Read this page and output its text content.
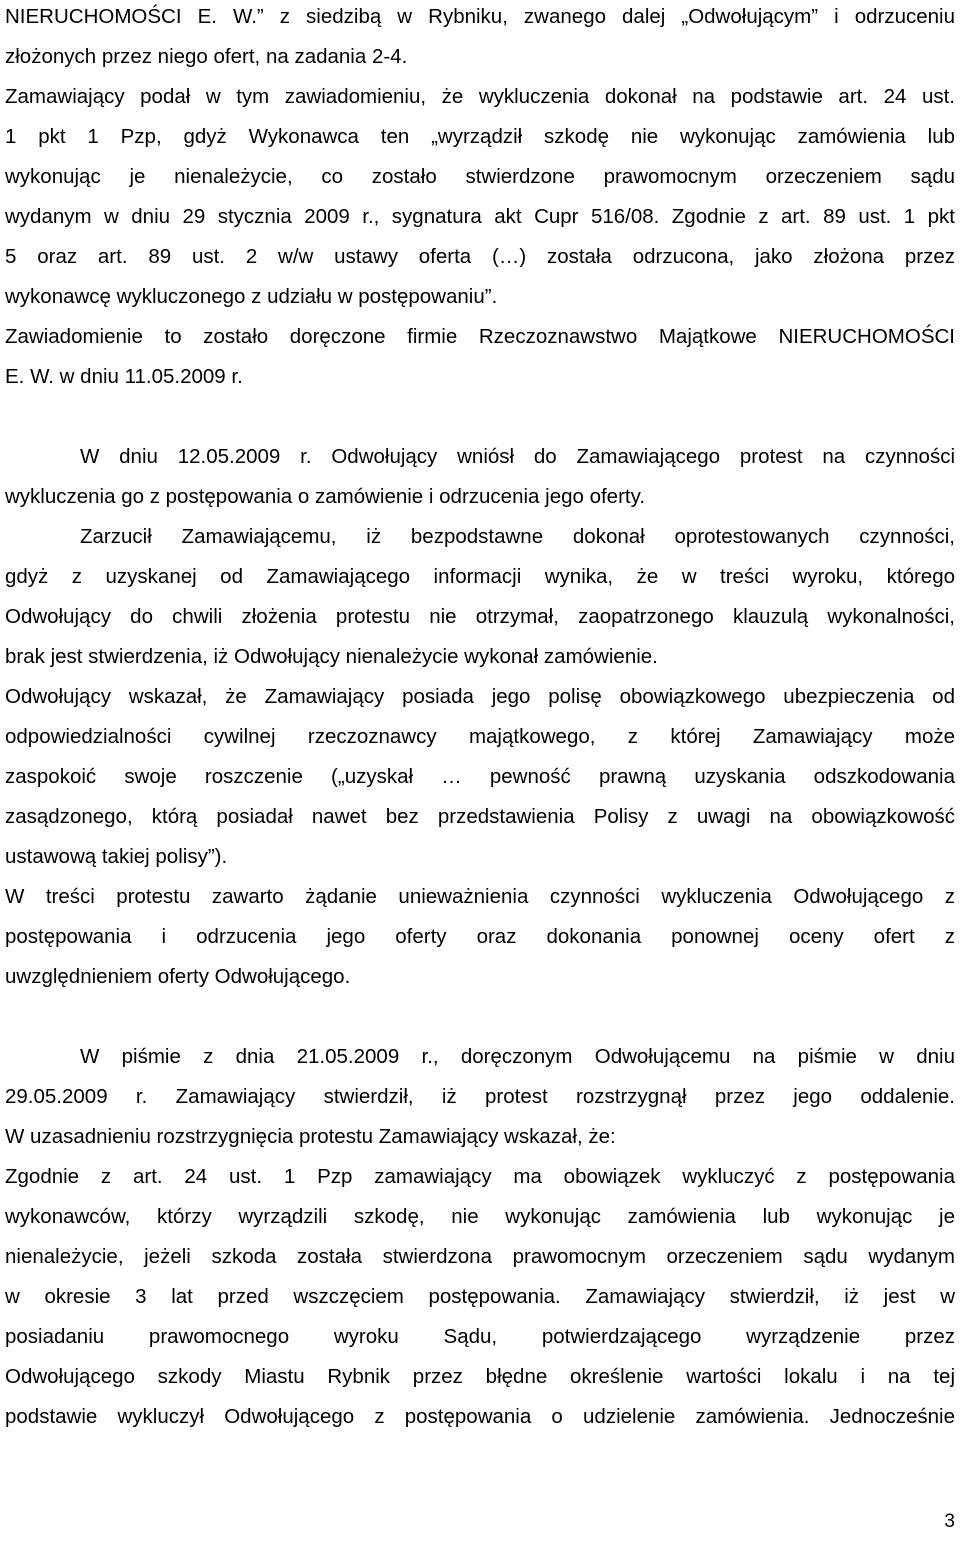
NIERUCHOMOŚCI E. W.” z siedzibą w Rybniku, zwanego dalej „Odwołującym” i odrzuceniu
złożonych przez niego ofert, na zadania 2-4.
Zamawiający podał w tym zawiadomieniu, że wykluczenia dokonał na podstawie art. 24 ust.
1 pkt 1 Pzp, gdyż Wykonawca ten „wyrządził szkodę nie wykonując zamówienia lub
wykonując je nienależycie, co zostało stwierdzone prawomocnym orzeczeniem sądu
wydanym w dniu 29 stycznia 2009 r., sygnatura akt Cupr 516/08. Zgodnie z art. 89 ust. 1 pkt
5 oraz art. 89 ust. 2 w/w ustawy oferta (…) została odrzucona, jako złożona przez
wykonawcę wykluczonego z udziału w postępowaniu”.
Zawiadomienie to zostało doręczone firmie Rzeczoznawstwo Majątkowe NIERUCHOMOŚCI
E. W. w dniu 11.05.2009 r.
W dniu 12.05.2009 r. Odwołujący wniósł do Zamawiającego protest na czynności
wykluczenia go z postępowania o zamówienie i odrzucenia jego oferty.
Zarzucił Zamawiającemu, iż bezpodstawne dokonał oprotestowanych czynności,
gdyż z uzyskanej od Zamawiającego informacji wynika, że w treści wyroku, którego
Odwołujący do chwili złożenia protestu nie otrzymał, zaopatrzonego klauzulą wykonalności,
brak jest stwierdzenia, iż Odwołujący nienależycie wykonał zamówienie.
Odwołujący wskazał, że Zamawiający posiada jego polisę obowiązkowego ubezpieczenia od
odpowiedzialności cywilnej rzeczoznawcy majątkowego, z której Zamawiający może
zaspokoić swoje roszczenie („uzyskał … pewność prawną uzyskania odszkodowania
zasądzonego, którą posiadał nawet bez przedstawienia Polisy z uwagi na obowiązkowość
ustawową takiej polisy”).
W treści protestu zawarto żądanie unieważnienia czynności wykluczenia Odwołującego z
postępowania i odrzucenia jego oferty oraz dokonania ponownej oceny ofert z
uwzględnieniem oferty Odwołującego.
W piśmie z dnia 21.05.2009 r., doręczonym Odwołującemu na piśmie w dniu
29.05.2009 r. Zamawiający stwierdził, iż protest rozstrzygnął przez jego oddalenie.
W uzasadnieniu rozstrzygnięcia protestu Zamawiający wskazał, że:
Zgodnie z art. 24 ust. 1 Pzp zamawiający ma obowiązek wykluczyć z postępowania
wykonawców, którzy wyrządzili szkodę, nie wykonując zamówienia lub wykonując je
nienależycie, jeżeli szkoda została stwierdzona prawomocnym orzeczeniem sądu wydanym
w okresie 3 lat przed wszczęciem postępowania. Zamawiający stwierdził, iż jest w
posiadaniu prawomocnego wyroku Sądu, potwierdzającego wyrządzenie przez
Odwołującego szkody Miastu Rybnik przez błędne określenie wartości lokalu i na tej
podstawie wykluczył Odwołującego z postępowania o udzielenie zamówienia. Jednocześnie
3
